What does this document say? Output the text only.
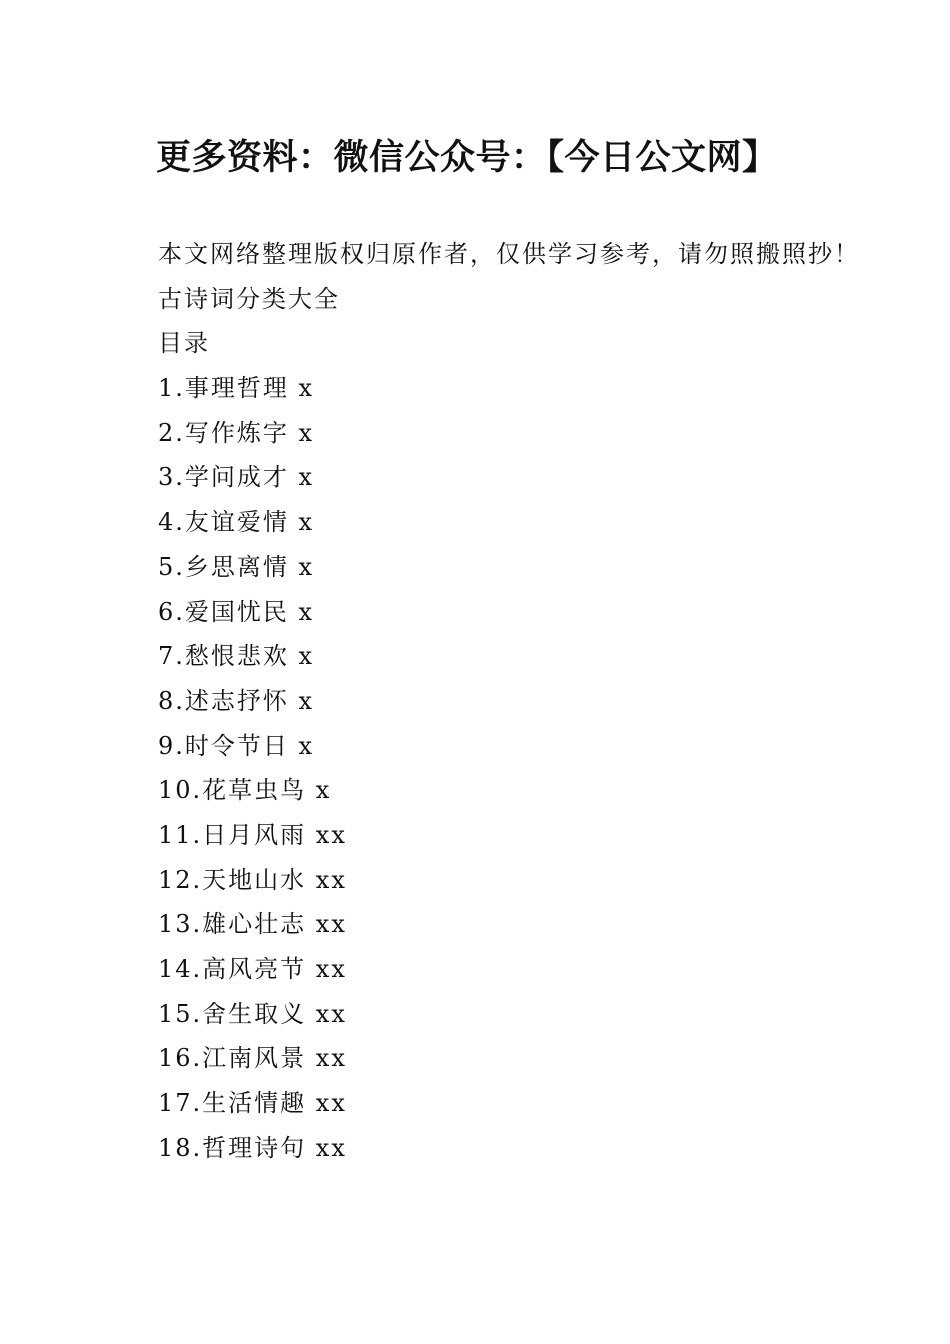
更多资料：微信公众号：【今日公文网】
本文网络整理版权归原作者，仅供学习参考，请勿照搬照抄！
古诗词分类大全
目录
1.事理哲理 x
2.写作炼字 x
3.学问成才 x
4.友谊爱情 x
5.乡思离情 x
6.爱国忧民 x
7.愁恨悲欢 x
8.述志抒怀 x
9.时令节日 x
10.花草虫鸟 x
11.日月风雨 xx
12.天地山水 xx
13.雄心壮志 xx
14.高风亮节 xx
15.舍生取义 xx
16.江南风景 xx
17.生活情趣 xx
18.哲理诗句 xx
